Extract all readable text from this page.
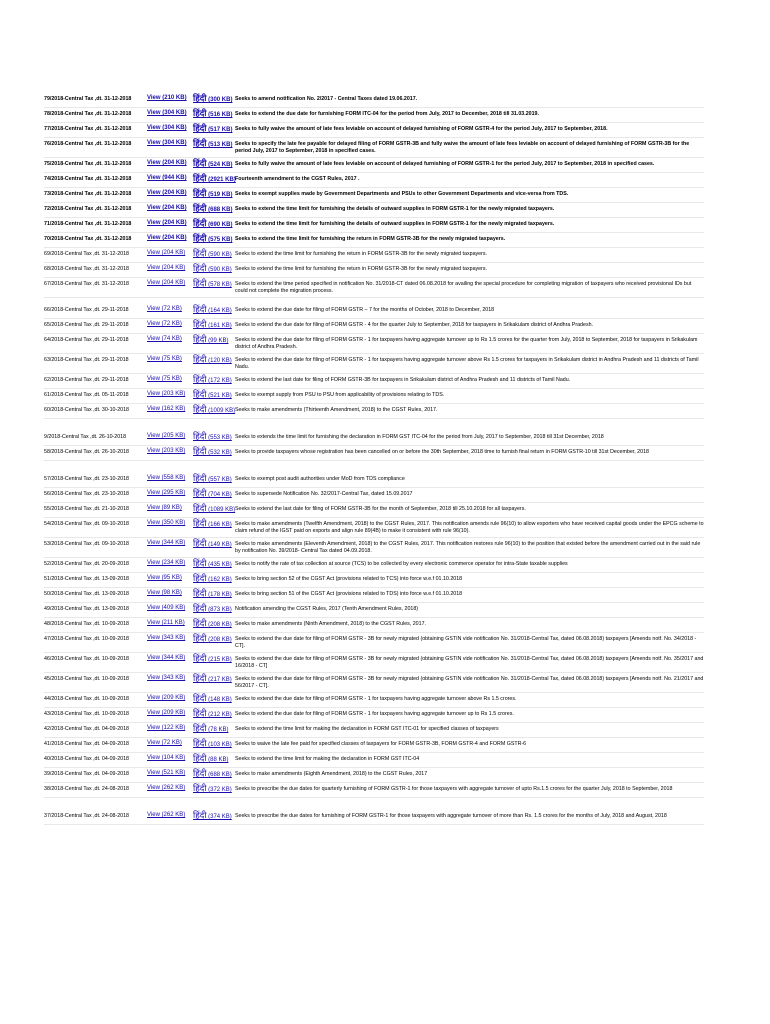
79/2018-Central Tax ,dt. 31-12-2018	View (210 KB) हिंदी (300 KB) Seeks to amend notification No. 2/2017 - Central Taxes dated 19.06.2017.
78/2018-Central Tax ,dt. 31-12-2018	View (304 KB) हिंदी (516 KB) Seeks to extend the due date for furnishing FORM ITC-04 for the period from July, 2017 to December, 2018 till 31.03.2019.
77/2018-Central Tax ,dt. 31-12-2018	View (304 KB) हिंदी (517 KB) Seeks to fully waive the amount of late fees leviable on account of delayed furnishing of FORM GSTR-4 for the period July, 2017 to September, 2018.
76/2018-Central Tax ,dt. 31-12-2018	View (304 KB) हिंदी (513 KB) Seeks to specify the late fee payable for delayed filing of FORM GSTR-3B and fully waive the amount of late fees leviable on account of delayed furnishing of FORM GSTR-3B for the period July, 2017 to September, 2018 in specified cases.
75/2018-Central Tax ,dt. 31-12-2018	View (204 KB) हिंदी (524 KB) Seeks to fully waive the amount of late fees leviable on account of delayed furnishing of FORM GSTR-1 for the period July, 2017 to September, 2018 in specified cases.
74/2018-Central Tax ,dt. 31-12-2018	View (944 KB) हिंदी (2921 KB) Fourteenth amendment to the CGST Rules, 2017 .
73/2018-Central Tax ,dt. 31-12-2018	View (204 KB) हिंदी (519 KB) Seeks to exempt supplies made by Government Departments and PSUs to other Government Departments and vice-versa from TDS.
72/2018-Central Tax ,dt. 31-12-2018	View (204 KB) हिंदी (688 KB) Seeks to extend the time limit for furnishing the details of outward supplies in FORM GSTR-1 for the newly migrated taxpayers.
71/2018-Central Tax ,dt. 31-12-2018	View (204 KB) हिंदी (690 KB) Seeks to extend the time limit for furnishing the details of outward supplies in FORM GSTR-1 for the newly migrated taxpayers.
70/2018-Central Tax ,dt. 31-12-2018	View (204 KB) हिंदी (575 KB) Seeks to extend the time limit for furnishing the return in FORM GSTR-3B for the newly migrated taxpayers.
69/2018-Central Tax ,dt. 31-12-2018	View (204 KB) हिंदी (590 KB) Seeks to extend the time limit for furnishing the return in FORM GSTR-3B for the newly migrated taxpayers.
68/2018-Central Tax ,dt. 31-12-2018	View (204 KB) हिंदी (590 KB) Seeks to extend the time limit for furnishing the return in FORM GSTR-3B for the newly migrated taxpayers.
67/2018-Central Tax ,dt. 31-12-2018	View (204 KB) हिंदी (578 KB) Seeks to extend the time period specified in notification No. 31/2018-CT dated 06.08.2018 for availing the special procedure for completing migration of taxpayers who received provisional IDs but could not complete the migration process.
66/2018-Central Tax ,dt. 29-11-2018	View (72 KB)	हिंदी (164 KB) Seeks to extend the due date for filing of FORM GSTR – 7 for the months of October, 2018 to December, 2018
65/2018-Central Tax ,dt. 29-11-2018	View (72 KB)	हिंदी (161 KB) Seeks to extend the due date for filing of FORM GSTR - 4 for the quarter July to September, 2018 for taxpayers in Srikakulam district of Andhra Pradesh.
64/2018-Central Tax ,dt. 29-11-2018	View (74 KB)	हिंदी (99 KB)	Seeks to extend the due date for filing of FORM GSTR - 1 for taxpayers having aggregate turnover up to Rs 1.5 crores for the quarter from July, 2018 to September, 2018 for taxpayers in Srikakulam district of Andhra Pradesh.
63/2018-Central Tax ,dt. 29-11-2018	View (75 KB)	हिंदी (120 KB) Seeks to extend the due date for filing of FORM GSTR - 1 for taxpayers having aggregate turnover above Rs 1.5 crores for taxpayers in Srikakulam district in Andhra Pradesh and 11 districts of Tamil Nadu.
62/2018-Central Tax ,dt. 29-11-2018	View (75 KB)	हिंदी (172 KB) Seeks to extend the last date for filing of FORM GSTR-3B for taxpayers in Srikakulam district of Andhra Pradesh and 11 districts of Tamil Nadu.
61/2018-Central Tax ,dt. 05-11-2018	View (203 KB) हिंदी (521 KB) Seeks to exempt supply from PSU to PSU from applicability of provisions relating to TDS.
60/2018-Central Tax ,dt. 30-10-2018	View (162 KB) हिंदी (1009 KB) Seeks to make amendments (Thirteenth Amendment, 2018) to the CGST Rules, 2017.
9/2018-Central Tax ,dt. 26-10-2018	View (205 KB) हिंदी (553 KB) Seeks to extends the time limit for furnishing the declaration in FORM GST ITC-04 for the period from July, 2017 to September, 2018 till 31st December, 2018
58/2018-Central Tax ,dt. 26-10-2018	View (203 KB) हिंदी (532 KB) Seeks to provide taxpayers whose registration has been cancelled on or before the 30th September, 2018 time to furnish final return in FORM GSTR-10 till 31st December, 2018
57/2018-Central Tax ,dt. 23-10-2018	View (558 KB) हिंदी (557 KB) Seeks to exempt post audit authorities under MoD from TDS compliance
56/2018-Central Tax ,dt. 23-10-2018	View (295 KB) हिंदी (704 KB) Seeks to supersede Notification No. 32/2017-Central Tax, dated 15.09.2017
55/2018-Central Tax ,dt. 21-10-2018	View (89 KB)	हिंदी (1089 KB) Seeks to extend the last date for filing of FORM GSTR-3B for the month of September, 2018 till 25.10.2018 for all taxpayers.
54/2018-Central Tax ,dt. 09-10-2018	View (350 KB) हिंदी (166 KB) Seeks to make amendments (Twelfth Amendment, 2018) to the CGST Rules, 2017. This notification amends rule 96(10) to allow exporters who have received capital goods under the EPCG scheme to claim refund of the IGST paid on exports and align rule 89(4B) to make it consistent with rule 96(10).
53/2018-Central Tax ,dt. 09-10-2018	View (344 KB) हिंदी (149 KB) Seeks to make amendments (Eleventh Amendment, 2018) to the CGST Rules, 2017. This notification restores rule 96(10) to the position that existed before the amendment carried out in the said rule by notification No. 39/2018- Central Tax dated 04.09.2018.
52/2018-Central Tax ,dt. 20-09-2018	View (234 KB) हिंदी (435 KB) Seeks to notify the rate of tax collection at source (TCS) to be collected by every electronic commerce operator for intra-State taxable supplies
51/2018-Central Tax ,dt. 13-09-2018	View (95 KB)	हिंदी (162 KB) Seeks to bring section 52 of the CGST Act (provisions related to TCS) into force w.e.f 01.10.2018
50/2018-Central Tax ,dt. 13-09-2018	View (98 KB)	हिंदी (178 KB) Seeks to bring section 51 of the CGST Act (provisions related to TDS) into force w.e.f 01.10.2018
49/2018-Central Tax ,dt. 13-09-2018	View (409 KB) हिंदी (873 KB) Notification amending the CGST Rules, 2017 (Tenth Amendment Rules, 2018)
48/2018-Central Tax ,dt. 10-09-2018	View (211 KB) हिंदी (208 KB) Seeks to make amendments (Ninth Amendment, 2018) to the CGST Rules, 2017.
47/2018-Central Tax ,dt. 10-09-2018	View (343 KB) हिंदी (208 KB) Seeks to extend the due date for filing of FORM GSTR - 3B for newly migrated (obtaining GSTIN vide notification No. 31/2018-Central Tax, dated 06.08.2018) taxpayers [Amends notf. No. 34/2018 - CT].
46/2018-Central Tax ,dt. 10-09-2018	View (344 KB) हिंदी (215 KB) Seeks to extend the due date for filing of FORM GSTR - 3B for newly migrated (obtaining GSTIN vide notification No. 31/2018-Central Tax, dated 06.08.2018) taxpayers [Amends notf. No. 35/2017 and 16/2018 - CT]
45/2018-Central Tax ,dt. 10-09-2018	View (343 KB) हिंदी (217 KB) Seeks to extend the due date for filing of FORM GSTR - 3B for newly migrated (obtaining GSTIN vide notification No. 31/2018-Central Tax, dated 06.08.2018) taxpayers [Amends notf. No. 21/2017 and 56/2017 - CT].
44/2018-Central Tax ,dt. 10-09-2018	View (209 KB) हिंदी (148 KB) Seeks to extend the due date for filing of FORM GSTR - 1 for taxpayers having aggregate turnover above Rs 1.5 crores.
43/2018-Central Tax ,dt. 10-09-2018	View (209 KB) हिंदी (212 KB) Seeks to extend the due date for filing of FORM GSTR - 1 for taxpayers having aggregate turnover up to Rs 1.5 crores.
42/2018-Central Tax ,dt. 04-09-2018	View (122 KB) हिंदी (78 KB)	Seeks to extend the time limit for making the declaration in FORM GST ITC-01 for specified classes of taxpayers
41/2018-Central Tax ,dt. 04-09-2018	View (72 KB)	हिंदी (103 KB) Seeks to waive the late fee paid for specified classes of taxpayers for FORM GSTR-3B, FORM GSTR-4 and FORM GSTR-6
40/2018-Central Tax ,dt. 04-09-2018	View (104 KB) हिंदी (88 KB)	Seeks to extend the time limit for making the declaration in FORM GST ITC-04
39/2018-Central Tax ,dt. 04-09-2018	View (521 KB) हिंदी (688 KB) Seeks to make amendments (Eighth Amendment, 2018) to the CGST Rules, 2017
38/2018-Central Tax ,dt. 24-08-2018	View (262 KB) हिंदी (372 KB) Seeks to prescribe the due dates for quarterly furnishing of FORM GSTR-1 for those taxpayers with aggregate turnover of upto Rs.1.5 crores for the quarter July, 2018 to September, 2018
37/2018-Central Tax ,dt. 24-08-2018	View (262 KB) हिंदी (374 KB) Seeks to prescribe the due dates for furnishing of FORM GSTR-1 for those taxpayers with aggregate turnover of more than Rs. 1.5 crores for the months of July, 2018 and August, 2018
